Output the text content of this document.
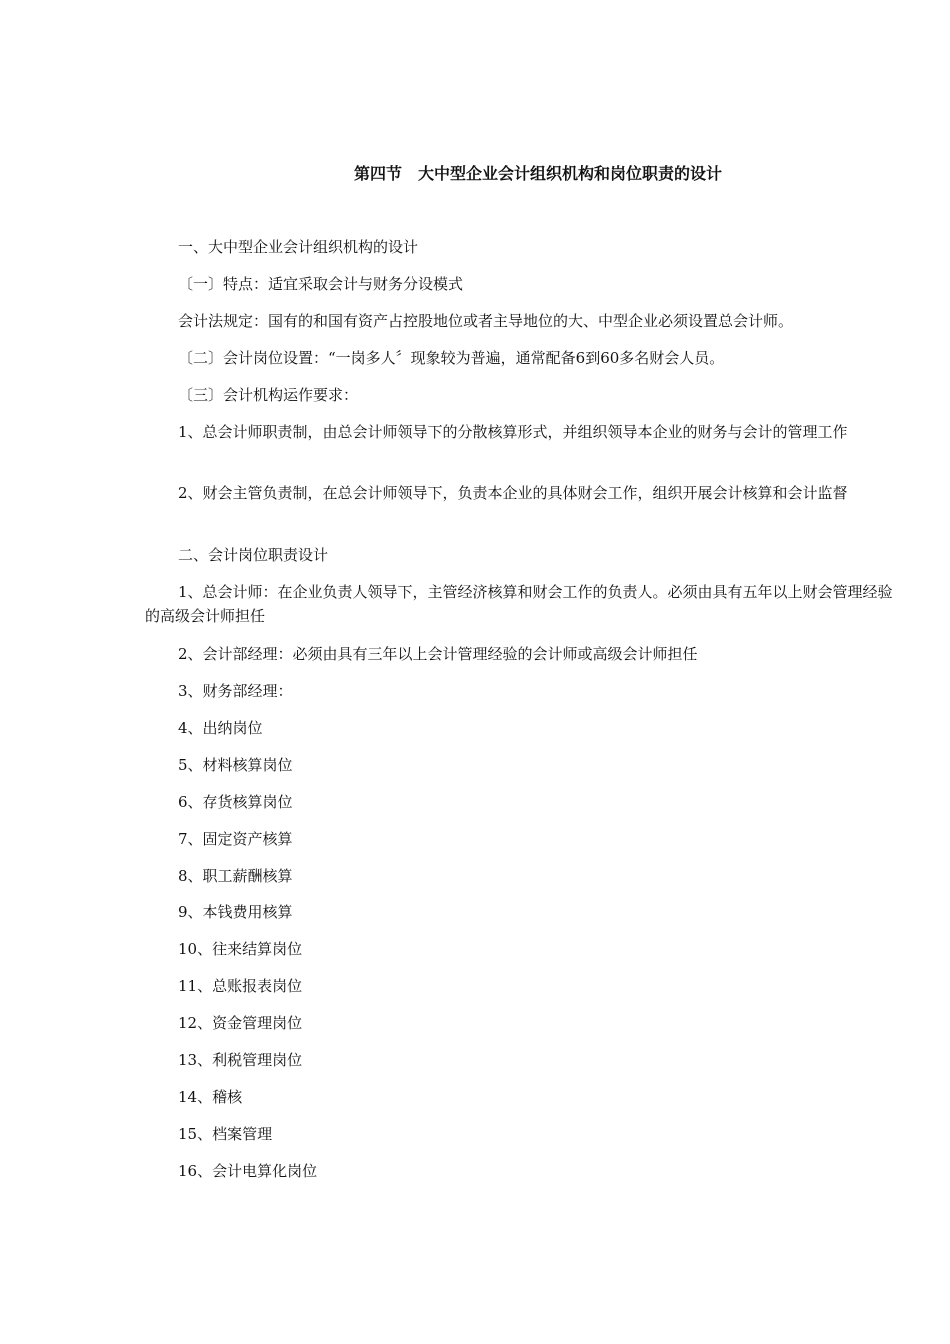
第四节　大中型企业会计组织机构和岗位职责的设计

一、大中型企业会计组织机构的设计

〔一〕特点：适宜采取会计与财务分设模式

会计法规定：国有的和国有资产占控股地位或者主导地位的大、中型企业必须设置总会计师。

〔二〕会计岗位设置：“一岗多人〞现象较为普遍，通常配备6到60多名财会人员。

〔三〕会计机构运作要求：

1、总会计师职责制，由总会计师领导下的分散核算形式，并组织领导本企业的财务与会计的管理工作

2、财会主管负责制，在总会计师领导下，负责本企业的具体财会工作，组织开展会计核算和会计监督

二、会计岗位职责设计

1、总会计师：在企业负责人领导下，主管经济核算和财会工作的负责人。必须由具有五年以上财会管理经验的高级会计师担任

2、会计部经理：必须由具有三年以上会计管理经验的会计师或高级会计师担任

3、财务部经理：

4、出纳岗位

5、材料核算岗位

6、存货核算岗位

7、固定资产核算

8、职工薪酬核算

9、本钱费用核算

10、往来结算岗位

11、总账报表岗位

12、资金管理岗位

13、利税管理岗位

14、稽核

15、档案管理

16、会计电算化岗位
